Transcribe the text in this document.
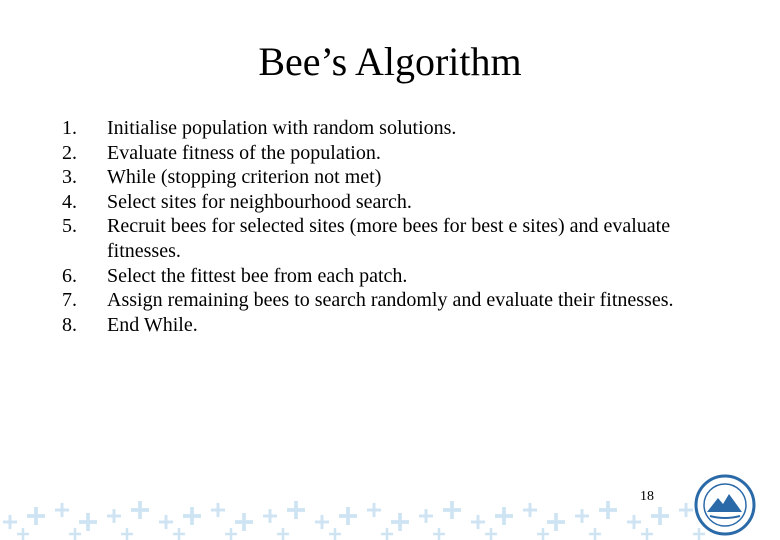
Bee’s Algorithm
1.	Initialise population with random solutions.
2.	Evaluate fitness of the population.
3.	While (stopping criterion not met)
4.	Select sites for neighbourhood search.
5.	Recruit bees for selected sites (more bees for best e sites) and evaluate fitnesses.
6.	Select the fittest bee from each patch.
7.	Assign remaining bees to search randomly and evaluate their fitnesses.
8.	End While.
18
